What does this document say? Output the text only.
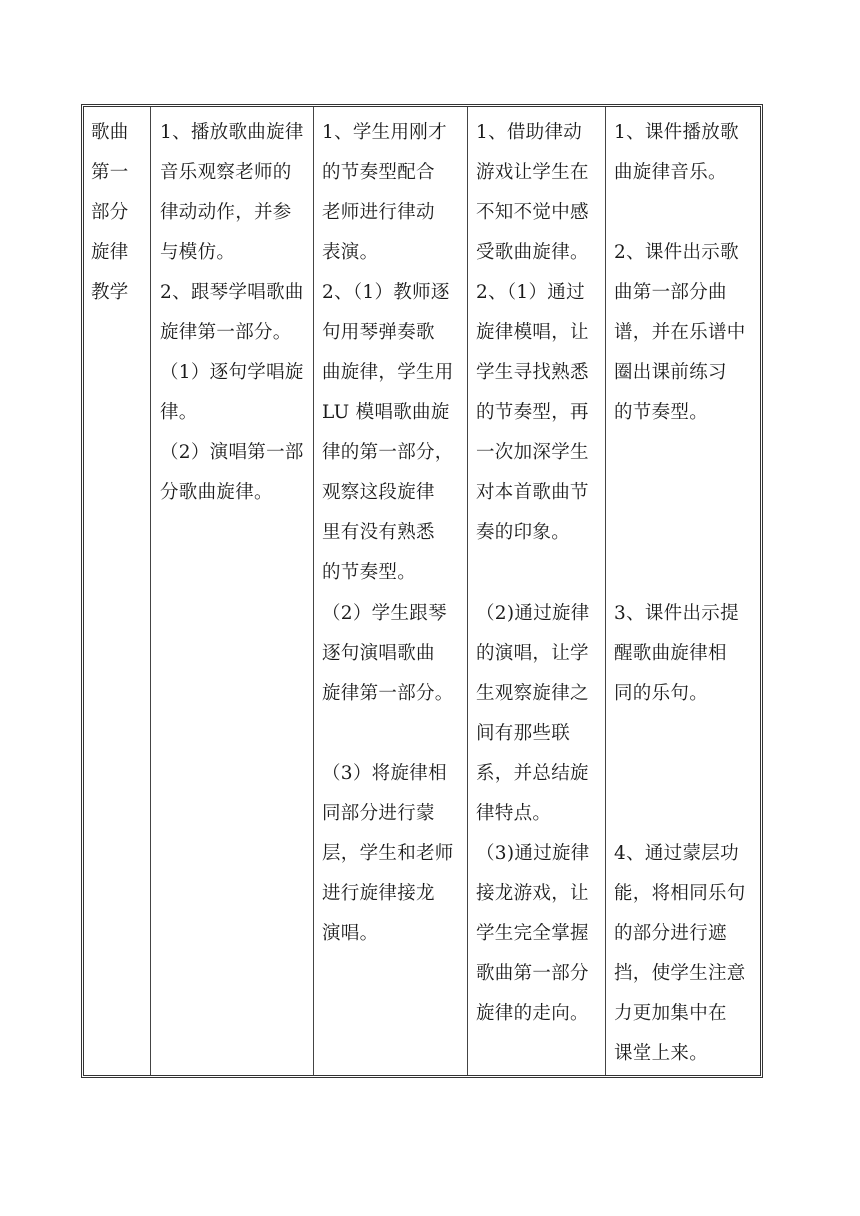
歌曲
第一
部分
旋律
教学
1、播放歌曲旋律
音乐观察老师的
律动动作，并参
与模仿。
2、跟琴学唱歌曲
旋律第一部分。
（1）逐句学唱旋
律。
（2）演唱第一部
分歌曲旋律。
1、学生用刚才
的节奏型配合
老师进行律动
表演。
2、（1）教师逐
句用琴弹奏歌
曲旋律，学生用
LU 模唱歌曲旋
律的第一部分，
观察这段旋律
里有没有熟悉
的节奏型。
（2）学生跟琴
逐句演唱歌曲
旋律第一部分。
（3）将旋律相
同部分进行蒙
层，学生和老师
进行旋律接龙
演唱。
1、借助律动
游戏让学生在
不知不觉中感
受歌曲旋律。
2、（1）通过
旋律模唱，让
学生寻找熟悉
的节奏型，再
一次加深学生
对本首歌曲节
奏的印象。
（2)通过旋律
的演唱，让学
生观察旋律之
间有那些联
系，并总结旋
律特点。
（3)通过旋律
接龙游戏，让
学生完全掌握
歌曲第一部分
旋律的走向。
1、课件播放歌
曲旋律音乐。
2、课件出示歌
曲第一部分曲
谱，并在乐谱中
圈出课前练习
的节奏型。
3、课件出示提
醒歌曲旋律相
同的乐句。
4、通过蒙层功
能，将相同乐句
的部分进行遮
挡，使学生注意
力更加集中在
课堂上来。
